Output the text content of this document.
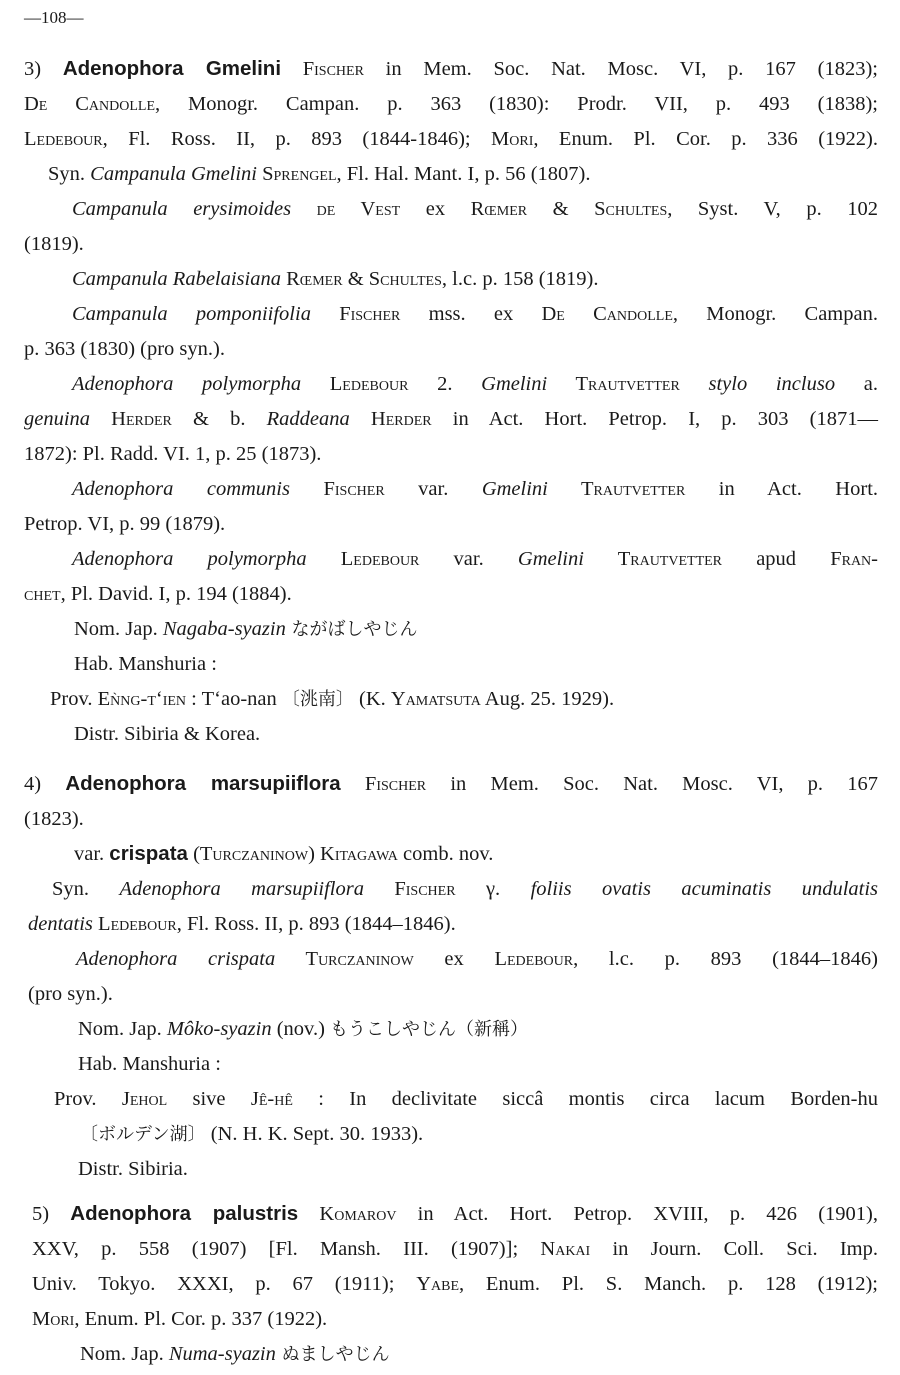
—108—
3) Adenophora Gmelini Fischer in Mem. Soc. Nat. Mosc. VI, p. 167 (1823);
De Candolle, Monogr. Campan. p. 363 (1830): Prodr. VII, p. 493 (1838);
Ledebour, Fl. Ross. II, p. 893 (1844-1846); Mori, Enum. Pl. Cor. p. 336 (1922).
Syn. Campanula Gmelini Sprengel, Fl. Hal. Mant. I, p. 56 (1807).
Campanula erysimoides de Vest ex Rœmer & Schultes, Syst. V, p. 102
(1819).
Campanula Rabelaisiana Rœmer & Schultes, l.c. p. 158 (1819).
Campanula pomponiifolia Fischer mss. ex De Candolle, Monogr. Campan.
p. 363 (1830) (pro syn.).
Adenophora polymorpha Ledebour 2. Gmelini Trautvetter stylo incluso a.
genuina Herder & b. Raddeana Herder in Act. Hort. Petrop. I, p. 303 (1871—
1872): Pl. Radd. VI. 1, p. 25 (1873).
Adenophora communis Fischer var. Gmelini Trautvetter in Act. Hort.
Petrop. VI, p. 99 (1879).
Adenophora polymorpha Ledebour var. Gmelini Trautvetter apud Fran-
chet, Pl. David. I, p. 194 (1884).
Nom. Jap. Nagaba-syazin ながばしやじん
Hab. Manshuria :
Prov. Eǹng-t‘ien : T‘ao-nan 〔洮南〕 (K. Yamatsuta Aug. 25. 1929).
Distr. Sibiria & Korea.
4) Adenophora marsupiiflora Fischer in Mem. Soc. Nat. Mosc. VI, p. 167
(1823).
var. crispata (Turczaninow) Kitagawa comb. nov.
Syn. Adenophora marsupiiflora Fischer γ. foliis ovatis acuminatis undulatis
dentatis Ledebour, Fl. Ross. II, p. 893 (1844–1846).
Adenophora crispata Turczaninow ex Ledebour, l.c. p. 893 (1844–1846)
(pro syn.).
Nom. Jap. Môko-syazin (nov.) もうこしやじん（新稱）
Hab. Manshuria :
Prov. Jehol sive Jê-hê : In declivitate siccâ montis circa lacum Borden-hu
〔ボルデン湖〕 (N. H. K. Sept. 30. 1933).
Distr. Sibiria.
5) Adenophora palustris Komarov in Act. Hort. Petrop. XVIII, p. 426 (1901),
XXV, p. 558 (1907) [Fl. Mansh. III. (1907)]; Nakai in Journ. Coll. Sci. Imp.
Univ. Tokyo. XXXI, p. 67 (1911); Yabe, Enum. Pl. S. Manch. p. 128 (1912);
Mori, Enum. Pl. Cor. p. 337 (1922).
Nom. Jap. Numa-syazin ぬましやじん
